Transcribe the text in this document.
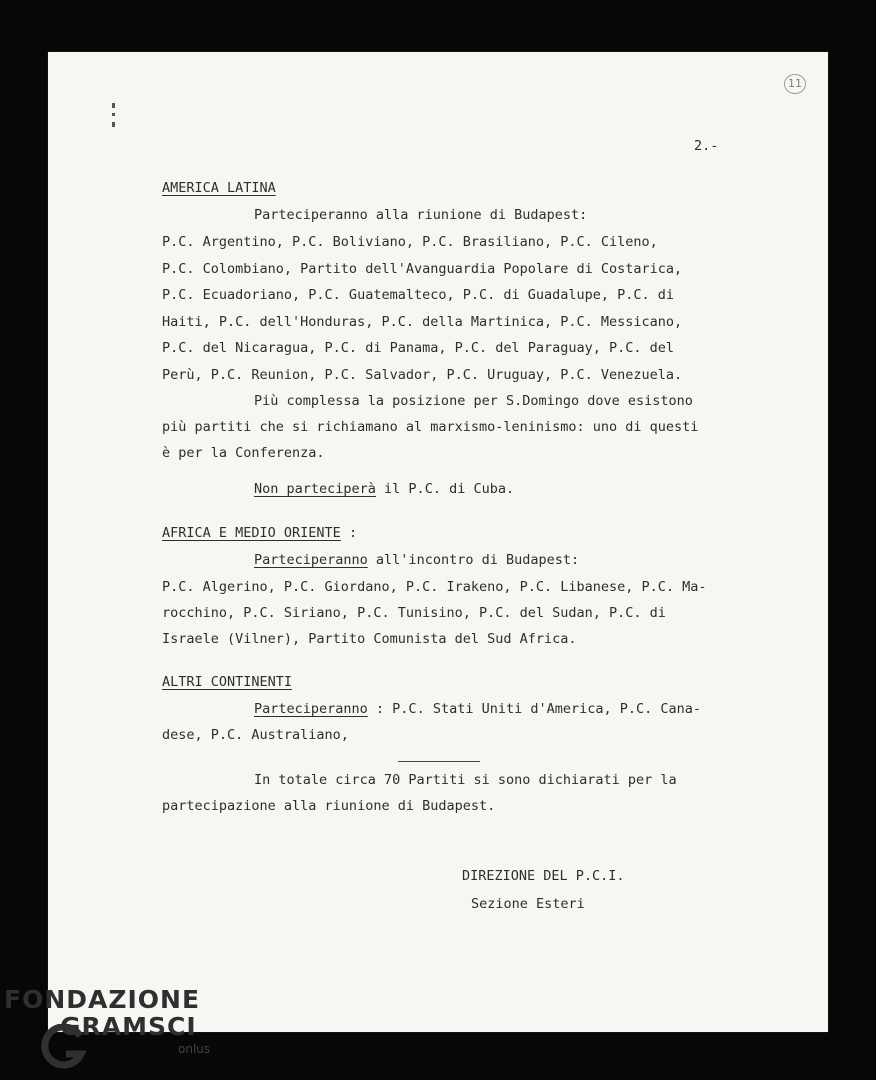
11
2.-
AMERICA LATINA
Parteciperanno alla riunione di Budapest:
P.C. Argentino, P.C. Boliviano, P.C. Brasiliano, P.C. Cileno,
P.C. Colombiano, Partito dell'Avanguardia Popolare di Costarica,
P.C. Ecuadoriano, P.C. Guatemalteco, P.C. di Guadalupe, P.C. di
Haiti, P.C. dell'Honduras, P.C. della Martinica, P.C. Messicano,
P.C. del Nicaragua, P.C. di Panama, P.C. del Paraguay, P.C. del
Perù, P.C. Reunion, P.C. Salvador, P.C. Uruguay, P.C. Venezuela.
Più complessa la posizione per S.Domingo dove esistono
più partiti che si richiamano al marxismo-leninismo: uno di questi
è per la Conferenza.
Non parteciperà il P.C. di Cuba.
AFRICA E MEDIO ORIENTE :
Parteciperanno all'incontro di Budapest:
P.C. Algerino, P.C. Giordano, P.C. Irakeno, P.C. Libanese, P.C. Ma-
rocchino, P.C. Siriano, P.C. Tunisino, P.C. del Sudan, P.C. di
Israele (Vilner), Partito Comunista del Sud Africa.
ALTRI CONTINENTI
Parteciperanno : P.C. Stati Uniti d'America, P.C. Cana-
dese, P.C. Australiano,
In totale circa 70 Partiti si sono dichiarati per la
partecipazione alla riunione di Budapest.
DIREZIONE DEL P.C.I.
Sezione Esteri
FONDAZIONE
GRAMSCI
onlus
